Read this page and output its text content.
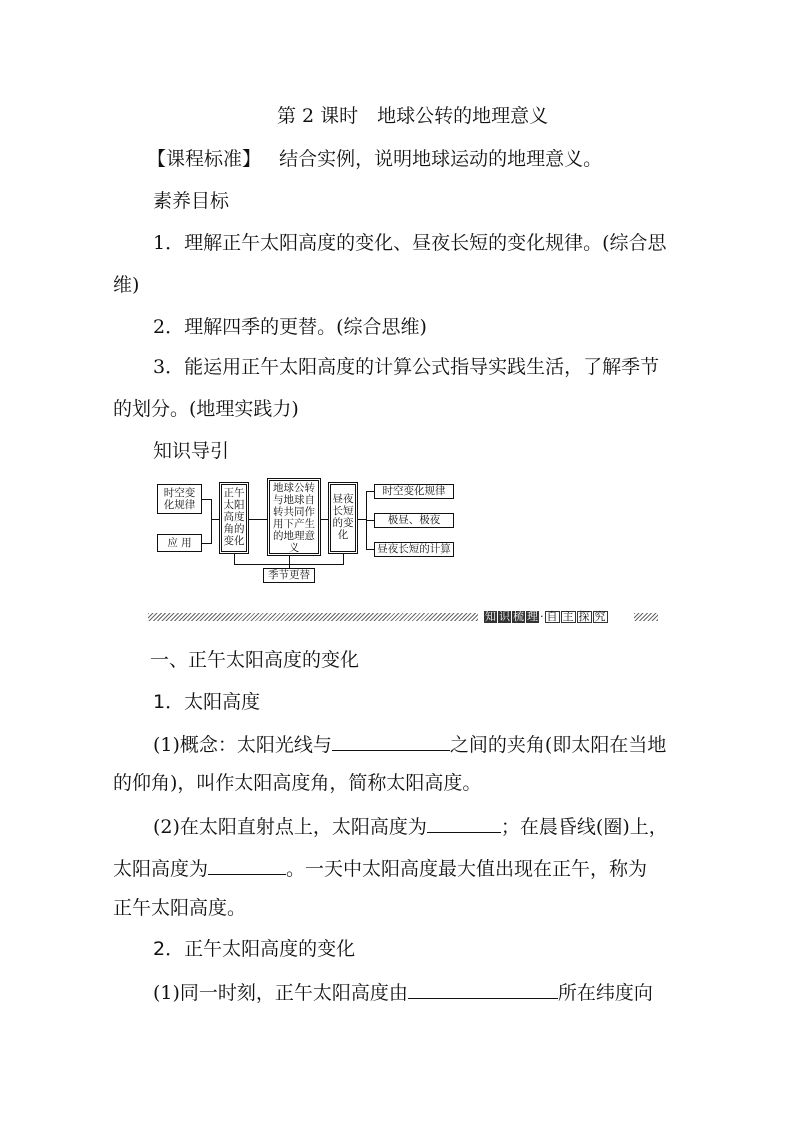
第 2 课时　地球公转的地理意义
【课程标准】 结合实例，说明地球运动的地理意义。
素养目标
1．理解正午太阳高度的变化、昼夜长短的变化规律。(综合思
维)
2．理解四季的更替。(综合思维)
3．能运用正午太阳高度的计算公式指导实践生活，了解季节
的划分。(地理实践力)
知识导引
时空变
化规律
应 用
正午
太阳
高度
角的
变化
地球公转
与地球自
转共同作
用下产生
的地理意
义
昼夜
长短
的变
化
时空变化规律
极昼、极夜
昼夜长短的计算
季节更替
知 识 梳 理 · 自 主 探 究
一、正午太阳高度的变化
1．太阳高度
(1)概念：太阳光线与	之间的夹角(即太阳在当地
的仰角)，叫作太阳高度角，简称太阳高度。
(2)在太阳直射点上，太阳高度为	；在晨昏线(圈)上，
太阳高度为	。一天中太阳高度最大值出现在正午，称为
正午太阳高度。
2．正午太阳高度的变化
(1)同一时刻，正午太阳高度由	所在纬度向
